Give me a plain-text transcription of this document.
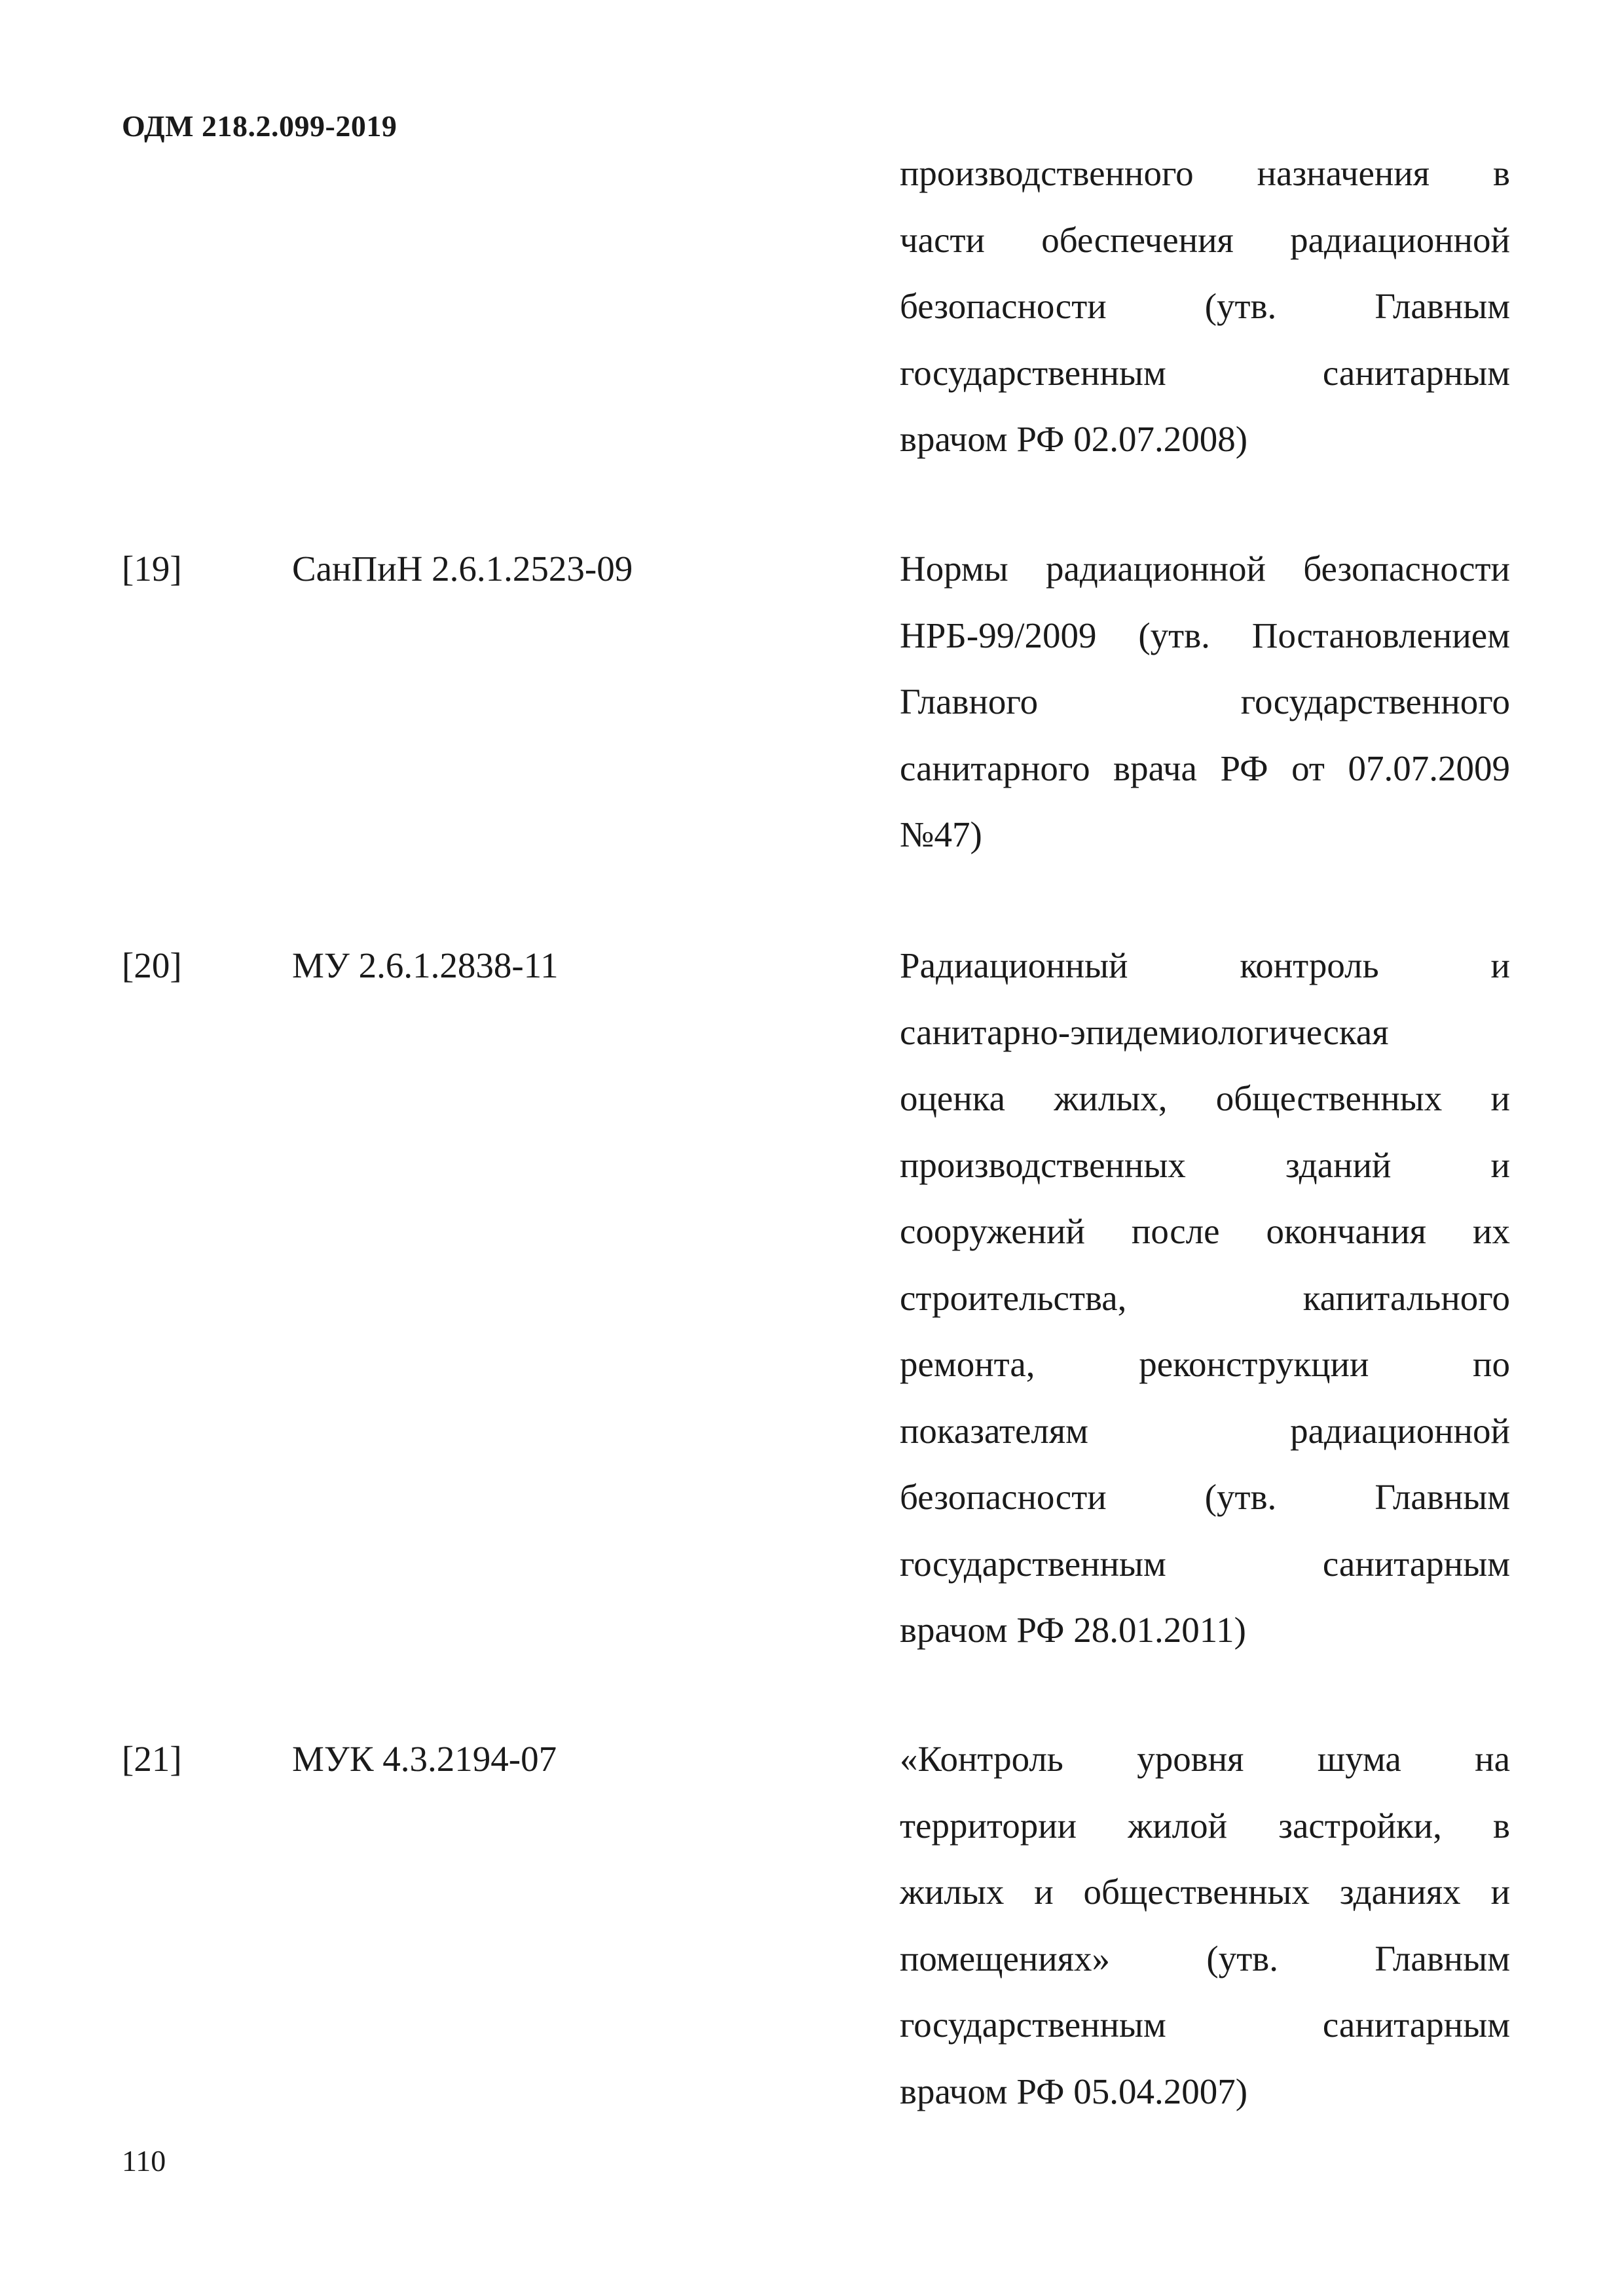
ОДМ 218.2.099-2019
производственного назначения в
части обеспечения радиационной
безопасности (утв. Главным
государственным санитарным
врачом РФ 02.07.2008)
[19]	СанПиН 2.6.1.2523-09	Нормы радиационной безопасности
НРБ-99/2009 (утв. Постановлением
Главного государственного
санитарного врача РФ от 07.07.2009
№47)
[20]	МУ 2.6.1.2838-11	Радиационный контроль и
санитарно-эпидемиологическая
оценка жилых, общественных и
производственных зданий и
сооружений после окончания их
строительства, капитального
ремонта, реконструкции по
показателям радиационной
безопасности (утв. Главным
государственным санитарным
врачом РФ 28.01.2011)
[21]	МУК 4.3.2194-07	«Контроль уровня шума на
территории жилой застройки, в
жилых и общественных зданиях и
помещениях» (утв. Главным
государственным санитарным
врачом РФ 05.04.2007)
110
